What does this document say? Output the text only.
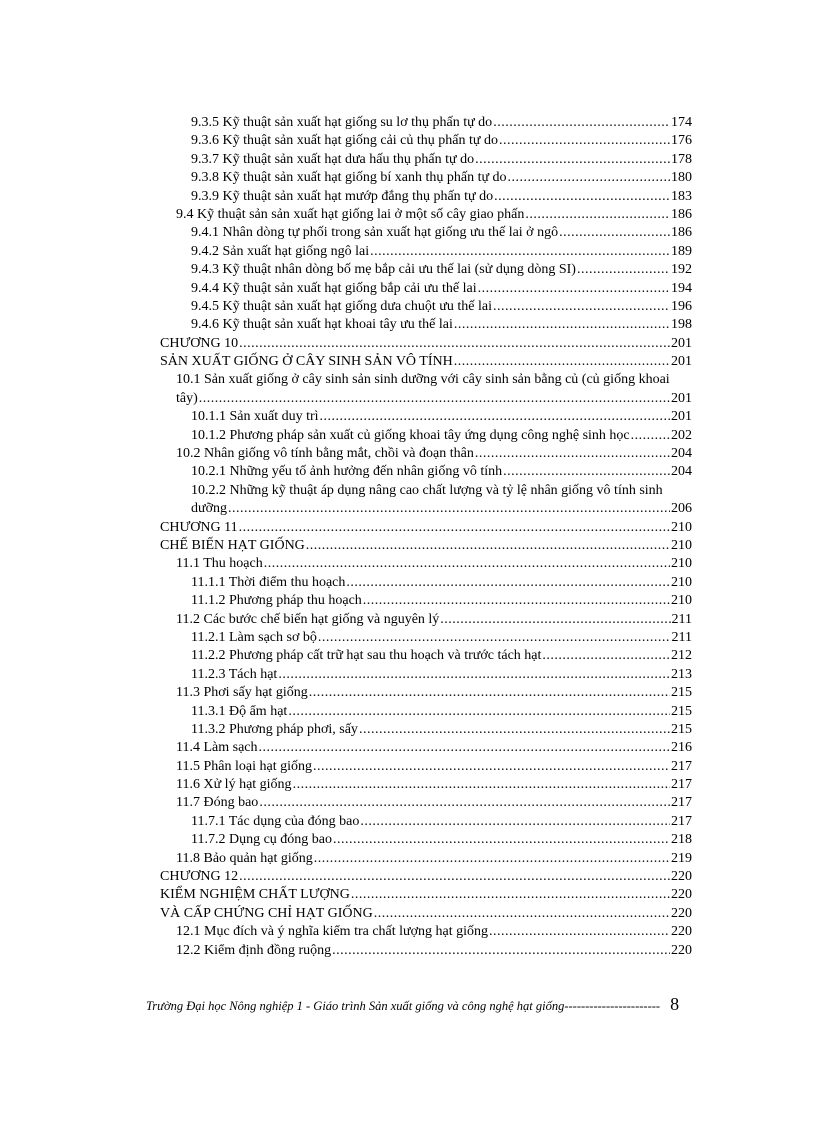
9.3.5 Kỹ thuật sản xuất hạt giống su lơ thụ phấn tự do .....	174
9.3.6 Kỹ thuật sản xuất hạt giống cải củ thụ phấn tự do .....	176
9.3.7 Kỹ thuật sản xuất hạt dưa hấu thụ phấn tự do .....	178
9.3.8 Kỹ thuật sản xuất hạt giống bí xanh thụ phấn tự do .....	180
9.3.9 Kỹ thuật sản xuất hạt mướp đắng thụ phấn tự do .....	183
9.4 Kỹ thuật sản sản xuất hạt giống lai ở một số cây giao phấn .....	186
9.4.1 Nhân dòng tự phối trong sản xuất hạt giống ưu thế lai ở ngô .....	186
9.4.2 Sản xuất hạt giống ngô lai .....	189
9.4.3 Kỹ thuật nhân dòng bố mẹ bắp cải ưu thế lai (sử dụng dòng SI) .....	192
9.4.4 Kỹ thuật sản xuất hạt giống bắp cải ưu thế lai .....	194
9.4.5 Kỹ thuật sản xuất hạt giống dưa chuột ưu thế lai .....	196
9.4.6 Kỹ thuật sản xuất hạt khoai tây ưu thế lai .....	198
CHƯƠNG 10 .....	201
SẢN XUẤT GIỐNG Ở CÂY SINH SẢN VÔ TÍNH .....	201
10.1 Sản xuất giống ở cây sinh sản sinh dưỡng với cây sinh sản bằng củ (củ giống khoai
tây) .....	201
10.1.1 Sản xuất duy trì .....	201
10.1.2 Phương pháp sản xuất củ giống khoai tây ứng dụng công nghệ sinh học .....	202
10.2 Nhân giống vô tính bằng mắt, chồi và đoạn thân .....	204
10.2.1 Những yếu tố ảnh hưởng đến nhân giống vô tính .....	204
10.2.2 Những kỹ thuật áp dụng nâng cao chất lượng và tỷ lệ nhân giống vô tính sinh
dưỡng .....	206
CHƯƠNG 11 .....	210
CHẾ BIẾN HẠT GIỐNG .....	210
11.1 Thu hoạch .....	210
11.1.1 Thời điểm thu hoạch .....	210
11.1.2 Phương pháp thu hoạch .....	210
11.2 Các bước chế biến hạt giống và nguyên lý .....	211
11.2.1 Làm sạch sơ bộ .....	211
11.2.2 Phương pháp cất trữ hạt sau thu hoạch và trước tách hạt .....	212
11.2.3 Tách hạt .....	213
11.3 Phơi sấy hạt giống .....	215
11.3.1 Độ ẩm hạt .....	215
11.3.2 Phương pháp phơi, sấy .....	215
11.4 Làm sạch .....	216
11.5 Phân loại hạt giống .....	217
11.6 Xử lý hạt giống .....	217
11.7 Đóng bao .....	217
11.7.1 Tác dụng của đóng bao .....	217
11.7.2 Dụng cụ đóng bao .....	218
11.8 Bảo quản hạt giống .....	219
CHƯƠNG 12 .....	220
KIỂM NGHIỆM CHẤT LƯỢNG .....	220
VÀ CẤP CHỨNG CHỈ HẠT GIỐNG .....	220
12.1 Mục đích và ý nghĩa kiểm tra chất lượng hạt giống .....	220
12.2 Kiểm định đồng ruộng .....	220
Trường Đại học Nông nghiệp 1 - Giáo trình Sản xuất giống và công nghệ hạt giống----------------------- 8
